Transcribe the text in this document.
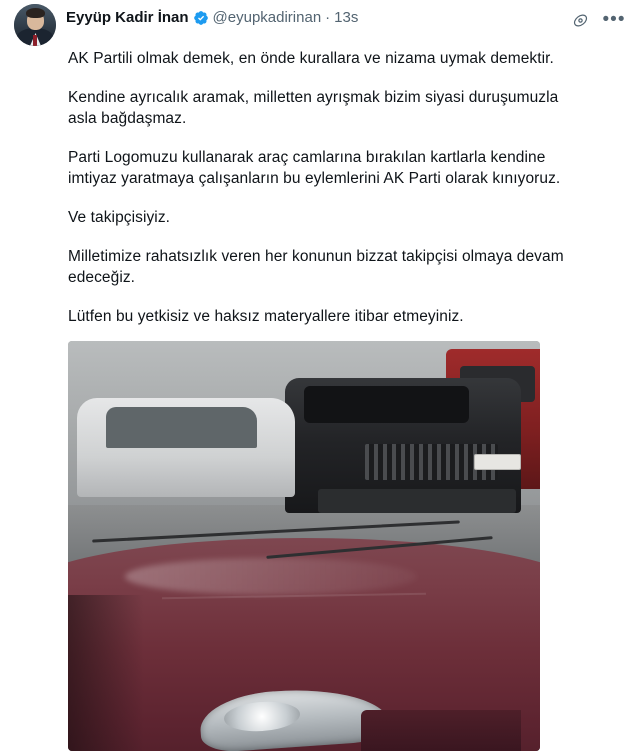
Eyyüp Kadir İnan @eyupkadirinan · 13s	•••

AK Partili olmak demek, en önde kurallara ve nizama uymak demektir.

Kendine ayrıcalık aramak, milletten ayrışmak bizim siyasi duruşumuzla asla bağdaşmaz.

Parti Logomuzu kullanarak araç camlarına bırakılan kartlarla kendine imtiyaz yaratmaya çalışanların bu eylemlerini AK Parti olarak kınıyoruz.

Ve takipçisiyiz.

Milletimize rahatsızlık veren her konunun bizzat takipçisi olmaya devam edeceğiz.

Lütfen bu yetkisiz ve haksız materyallere itibar etmeyiniz.
